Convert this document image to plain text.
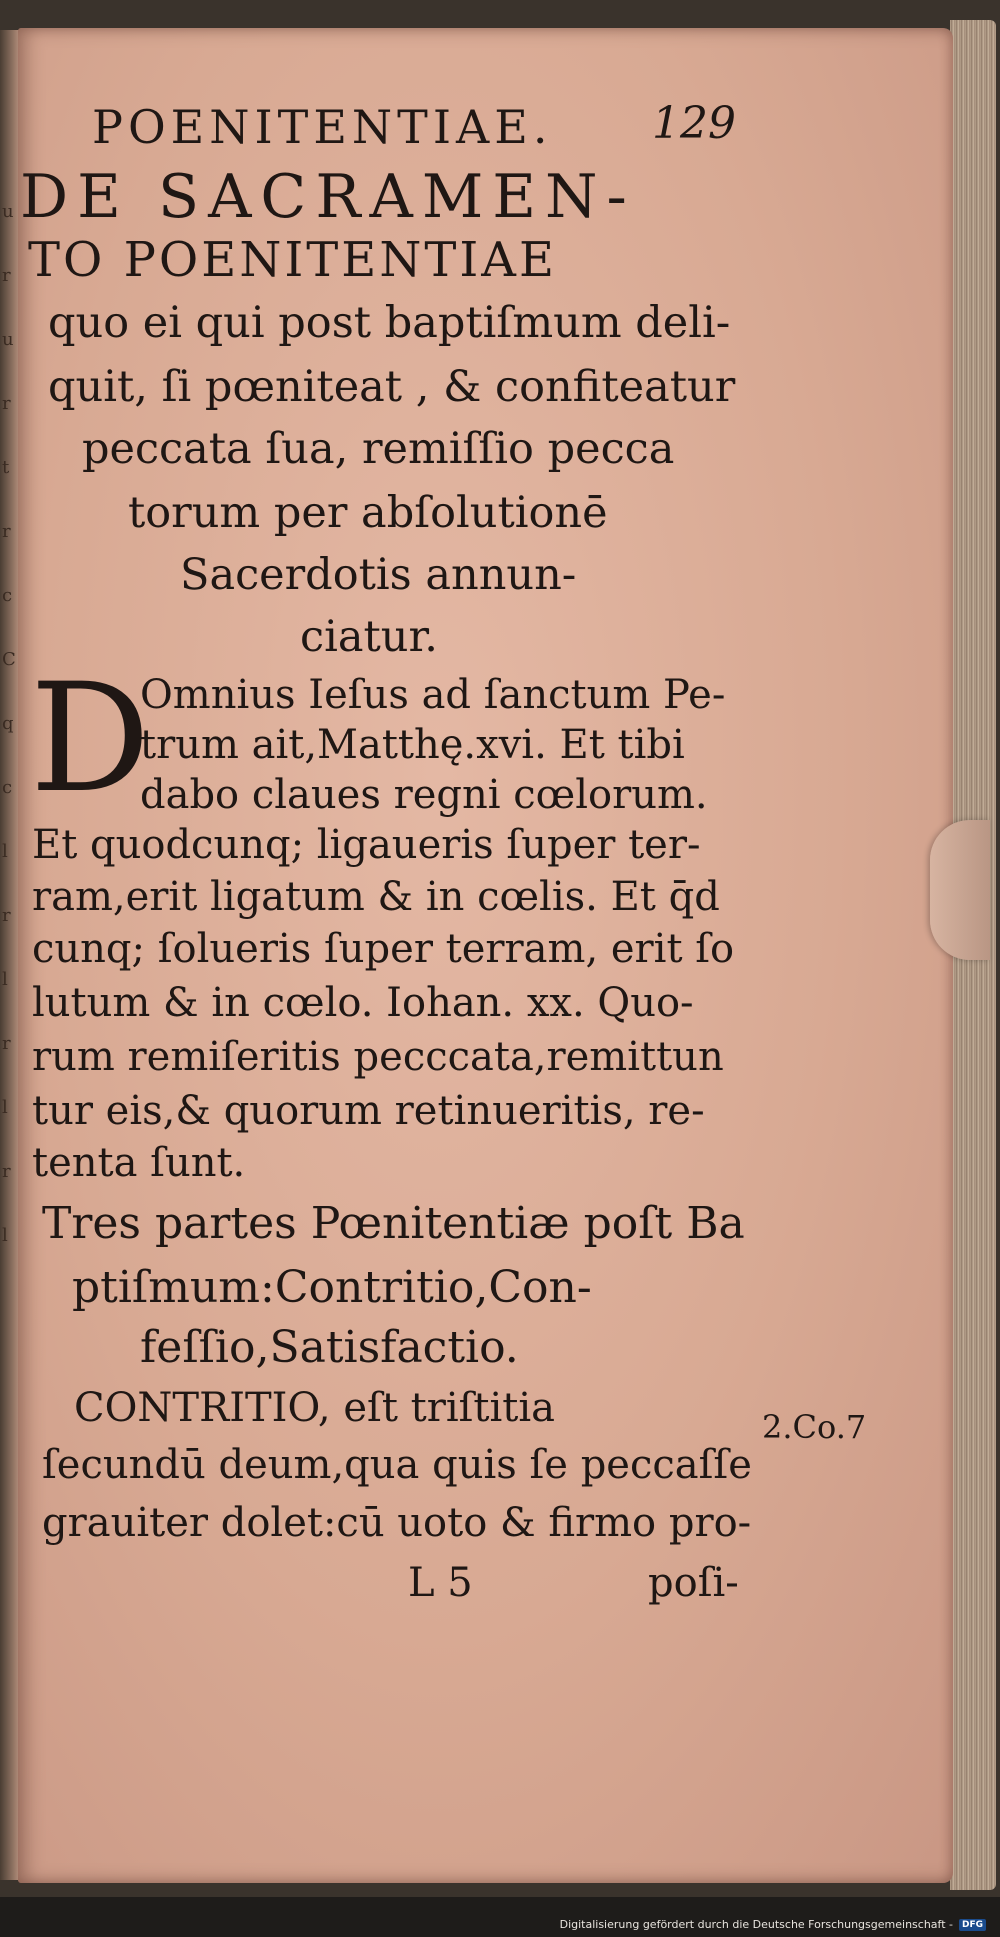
u
r
u
r
t
r
c
C
q
c
l
r
l
r
l
r
l
POENITENTIAE. 129
DE SACRAMEN-
TO POENITENTIAE
quo ei qui post baptiſmum deli-
quit, ſi pœniteat , & confiteatur
peccata ſua, remiſſio pecca
torum per abſolutionē
Sacerdotis annun-
ciatur.
D
Omnius Ieſus ad ſanctum Pe-
trum ait,Matthę.xvi. Et tibi
dabo claues regni cœlorum.
Et quodcunq; ligaueris ſuper ter-
ram,erit ligatum & in cœlis. Et q̄d
cunq; ſolueris ſuper terram, erit ſo
lutum & in cœlo. Iohan. xx. Quo-
rum remiſeritis pecccata,remittun
tur eis,& quorum retinueritis, re-
tenta ſunt.
Tres partes Pœnitentiæ poſt Ba
ptiſmum:Contritio,Con-
feſſio,Satisfactio.
CONTRITIO, eſt triſtitia
ſecundū deum,qua quis ſe peccaſſe
grauiter dolet:cū uoto & firmo pro-
2.Co.7
L 5	poſi-
Digitalisierung gefördert durch die Deutsche Forschungsgemeinschaft -	DFG
